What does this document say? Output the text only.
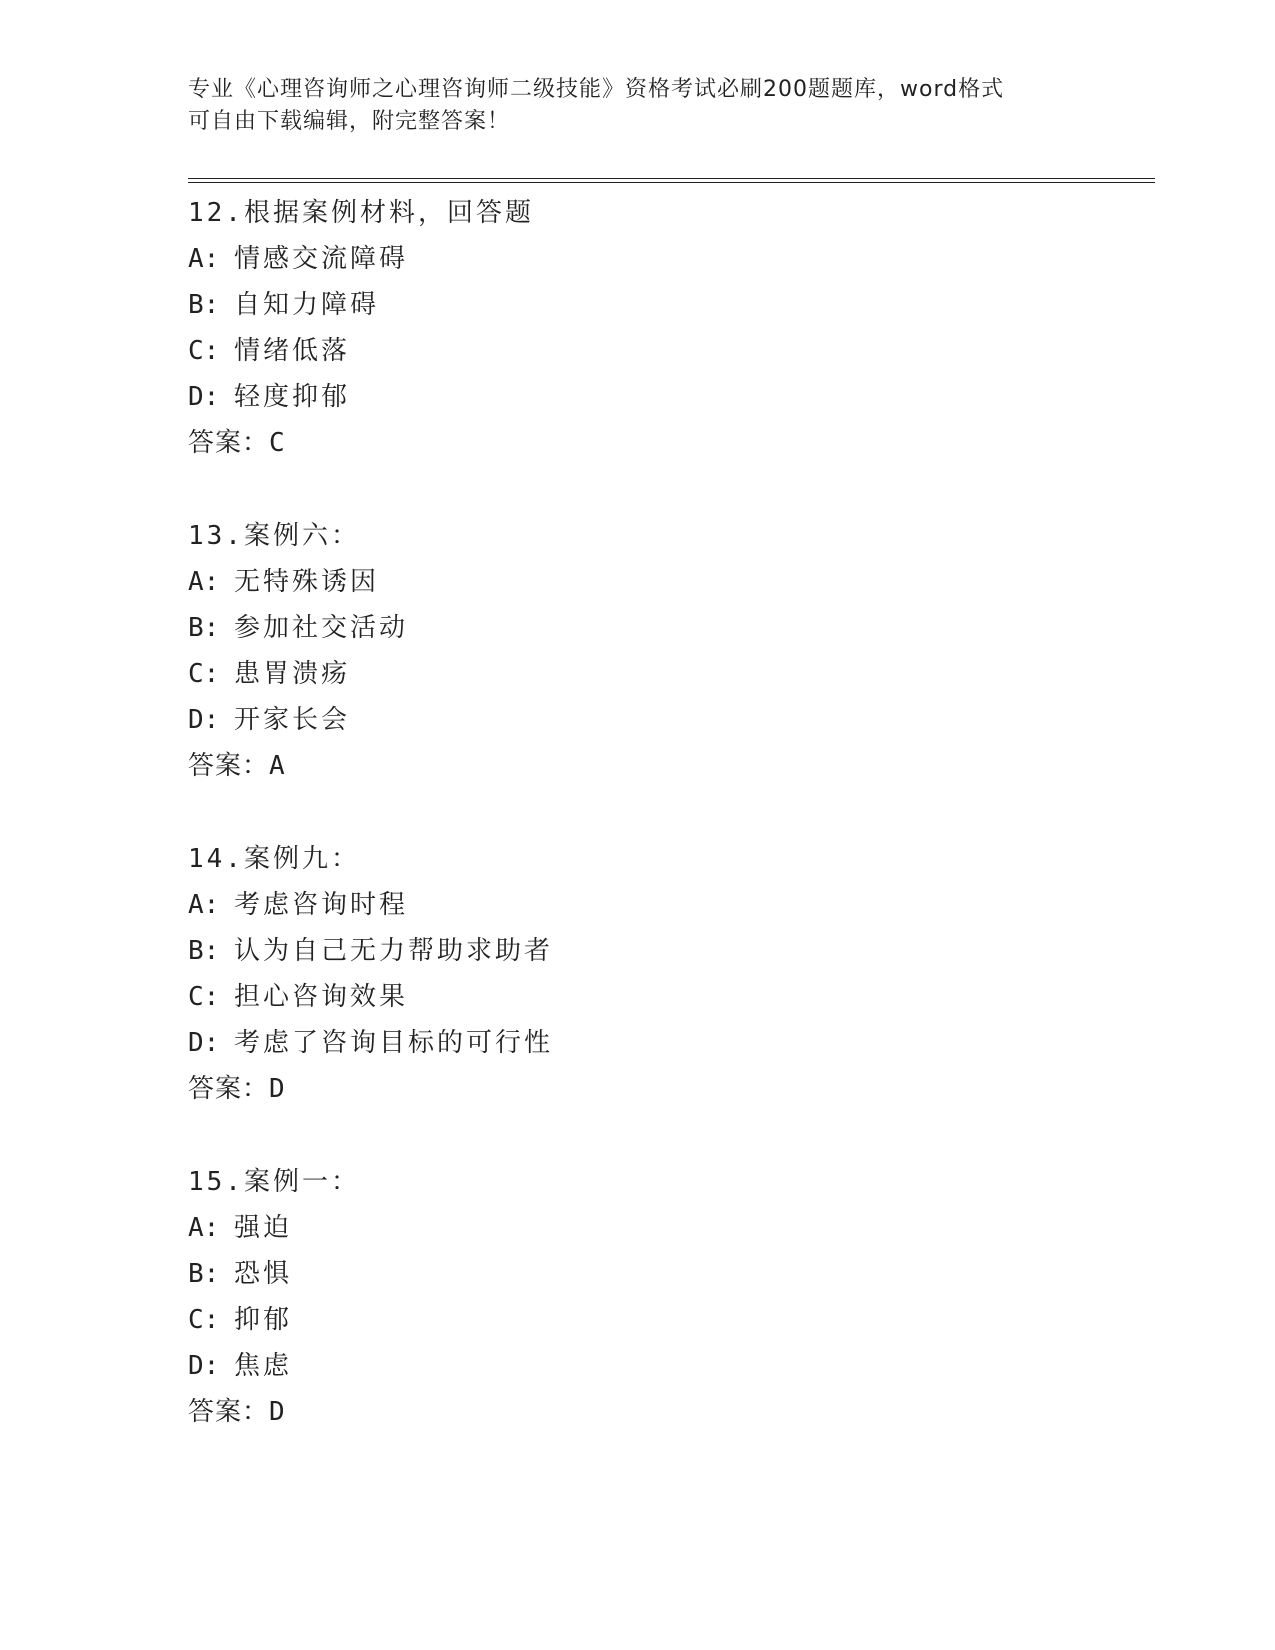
专业《心理咨询师之心理咨询师二级技能》资格考试必刷200题题库，word格式
可自由下载编辑，附完整答案！
12.根据案例材料，回答题
A: 情感交流障碍
B: 自知力障碍
C: 情绪低落
D: 轻度抑郁
答案：C
13.案例六：
A: 无特殊诱因
B: 参加社交活动
C: 患胃溃疡
D: 开家长会
答案：A
14.案例九：
A: 考虑咨询时程
B: 认为自己无力帮助求助者
C: 担心咨询效果
D: 考虑了咨询目标的可行性
答案：D
15.案例一：
A: 强迫
B: 恐惧
C: 抑郁
D: 焦虑
答案：D
